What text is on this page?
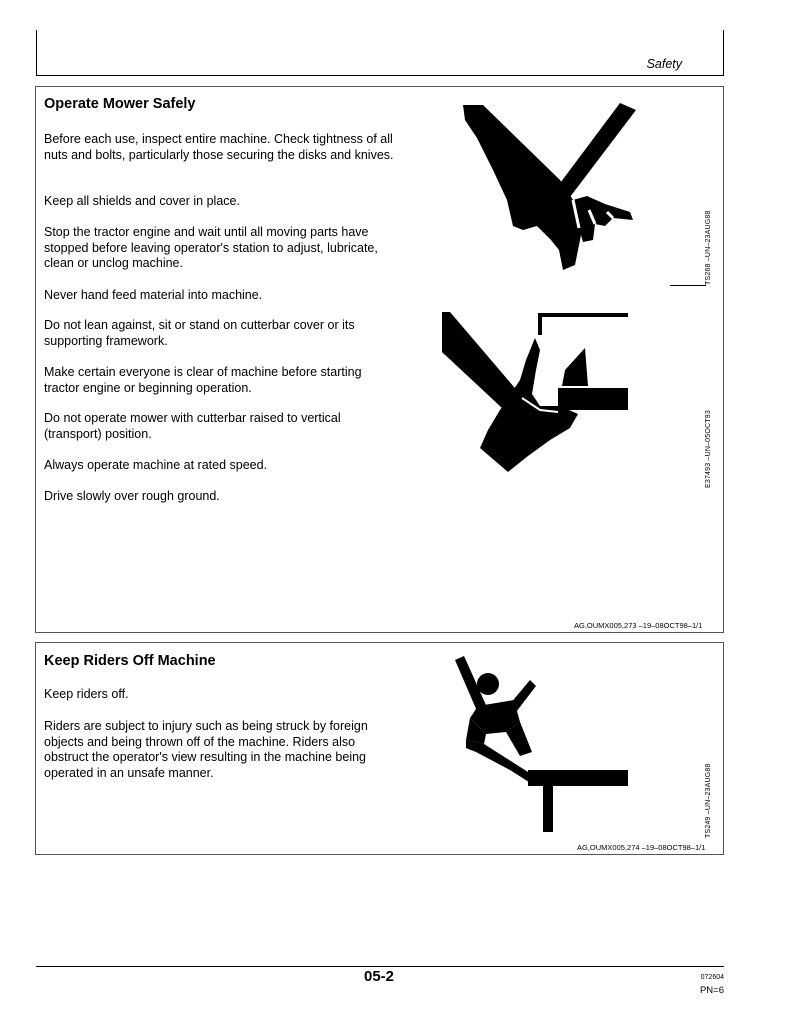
Safety
Operate Mower Safely
Before each use, inspect entire machine. Check tightness of all nuts and bolts, particularly those securing the disks and knives.
Keep all shields and cover in place.
Stop the tractor engine and wait until all moving parts have stopped before leaving operator's station to adjust, lubricate, clean or unclog machine.
Never hand feed material into machine.
Do not lean against, sit or stand on cutterbar cover or its supporting framework.
Make certain everyone is clear of machine before starting tractor engine or beginning operation.
Do not operate mower with cutterbar raised to vertical (transport) position.
Always operate machine at rated speed.
Drive slowly over rough ground.
TS268 –UN–23AUG88
E37493 –UN–05OCT93
AG,OUMX005,273 –19–08OCT98–1/1
Keep Riders Off Machine
Keep riders off.
Riders are subject to injury such as being struck by foreign objects and being thrown off of the machine. Riders also obstruct the operator's view resulting in the machine being operated in an unsafe manner.	TS249 –UN–23AUG88
AG,OUMX005,274 –19–08OCT98–1/1
05-2	072604
PN=6
